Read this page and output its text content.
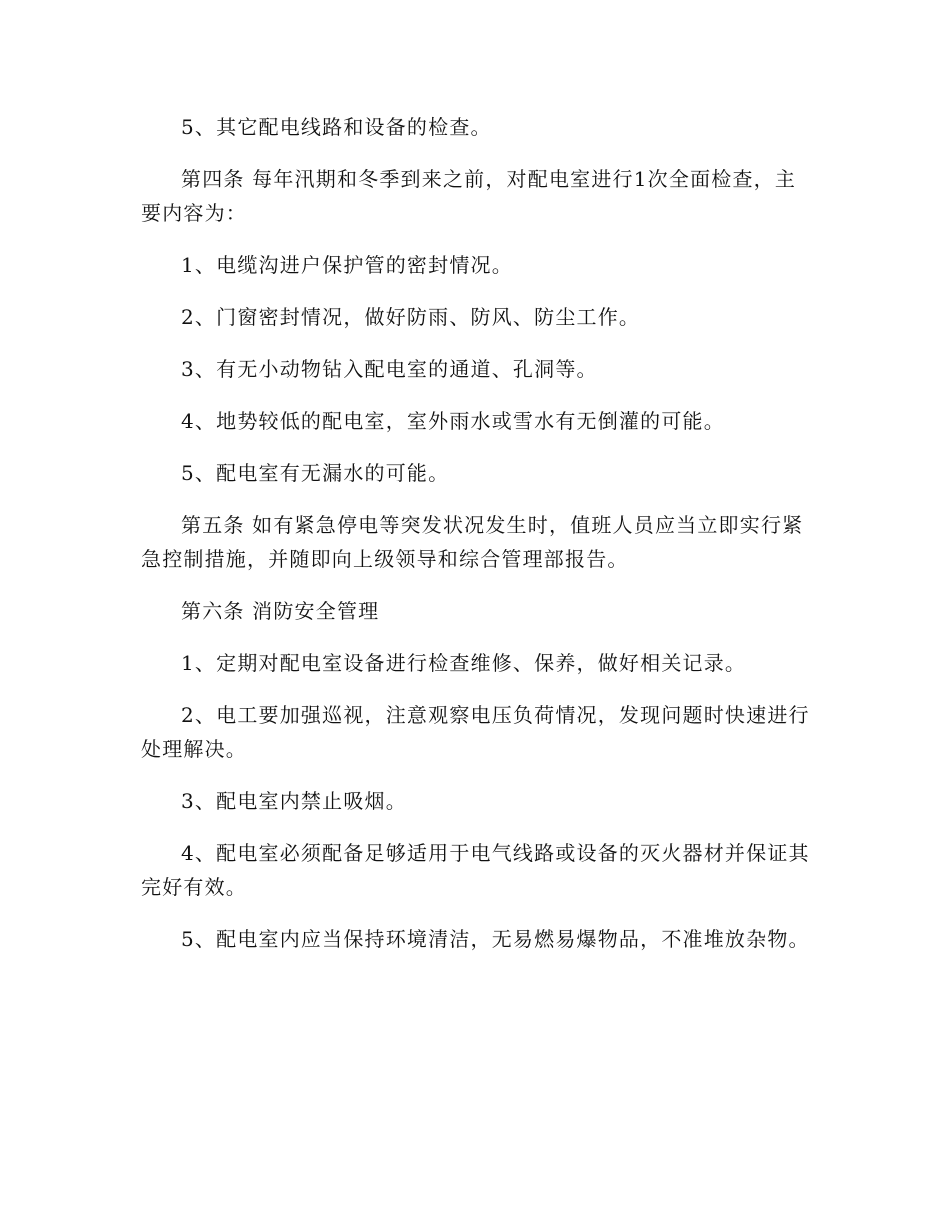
5、其它配电线路和设备的检查。

第四条 每年汛期和冬季到来之前，对配电室进行1次全面检查，主要内容为：

1、电缆沟进户保护管的密封情况。

2、门窗密封情况，做好防雨、防风、防尘工作。

3、有无小动物钻入配电室的通道、孔洞等。

4、地势较低的配电室，室外雨水或雪水有无倒灌的可能。

5、配电室有无漏水的可能。

第五条 如有紧急停电等突发状况发生时，值班人员应当立即实行紧急控制措施，并随即向上级领导和综合管理部报告。

第六条 消防安全管理

1、定期对配电室设备进行检查维修、保养，做好相关记录。

2、电工要加强巡视，注意观察电压负荷情况，发现问题时快速进行处理解决。

3、配电室内禁止吸烟。

4、配电室必须配备足够适用于电气线路或设备的灭火器材并保证其完好有效。

5、配电室内应当保持环境清洁，无易燃易爆物品，不准堆放杂物。
